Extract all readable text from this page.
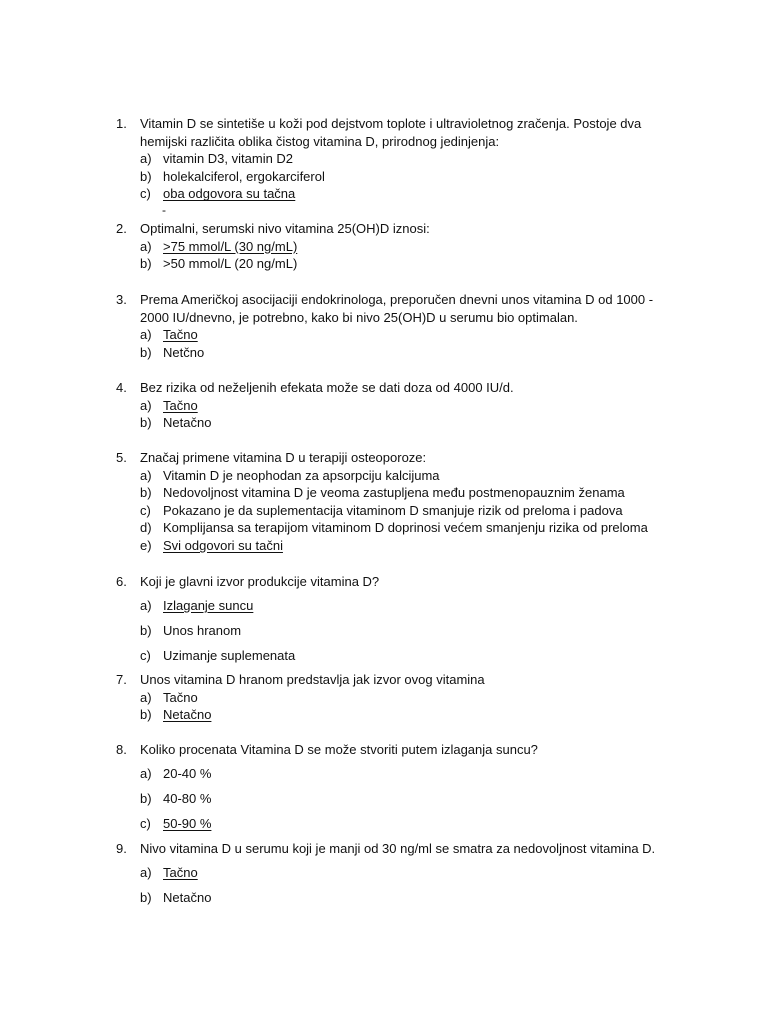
1. Vitamin D se sintetiše u koži pod dejstvom toplote i ultravioletnog zračenja. Postoje dva
hemijski različita oblika čistog vitamina D, prirodnog jedinjenja:
a) vitamin D3, vitamin D2
b) holekalciferol, ergokarciferol
c) oba odgovora su tačna
-
2. Optimalni, serumski nivo vitamina 25(OH)D iznosi:
a) >75 mmol/L (30 ng/mL)
b) >50 mmol/L (20 ng/mL)
3. Prema Američkoj asocijaciji endokrinologa, preporučen dnevni unos vitamina D od 1000 -
2000 IU/dnevno, je potrebno, kako bi nivo 25(OH)D u serumu bio optimalan.
a) Tačno
b) Netčno
4. Bez rizika od neželjenih efekata može se dati doza od 4000 IU/d.
a) Tačno
b) Netačno
5. Značaj primene vitamina D u terapiji osteoporoze:
a) Vitamin D je neophodan za apsorpciju kalcijuma
b) Nedovoljnost vitamina D je veoma zastupljena među postmenopauznim ženama
c) Pokazano je da suplementacija vitaminom D smanjuje rizik od preloma i padova
d) Komplijansa sa terapijom vitaminom D doprinosi većem smanjenju rizika od preloma
e) Svi odgovori su tačni
6. Koji je glavni izvor produkcije vitamina D?
a) Izlaganje suncu
b) Unos hranom
c) Uzimanje suplemenata
7. Unos vitamina D hranom predstavlja jak izvor ovog vitamina
a) Tačno
b) Netačno
8. Koliko procenata Vitamina D se može stvoriti putem izlaganja suncu?
a) 20-40 %
b) 40-80 %
c) 50-90 %
9. Nivo vitamina D u serumu koji je manji od 30 ng/ml se smatra za nedovoljnost vitamina D.
a) Tačno
b) Netačno
